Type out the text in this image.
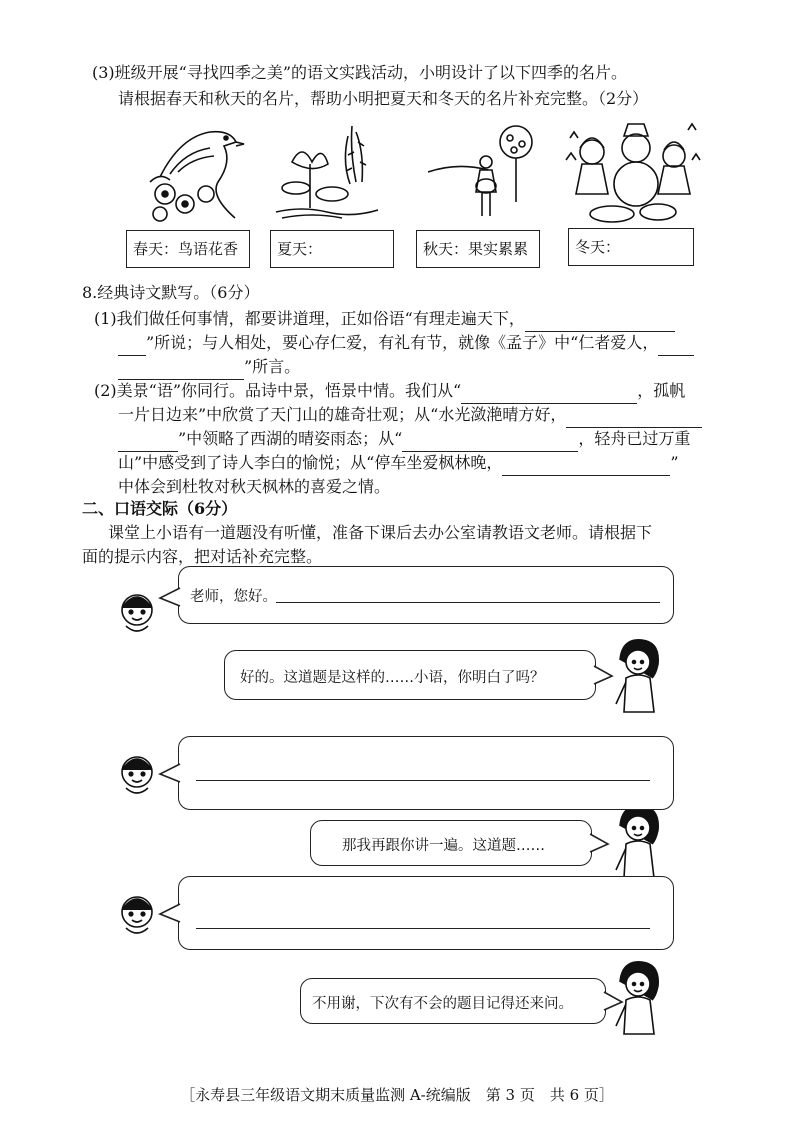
(3)班级开展“寻找四季之美”的语文实践活动，小明设计了以下四季的名片。
请根据春天和秋天的名片，帮助小明把夏天和冬天的名片补充完整。（2分）
春天：鸟语花香	夏天：	秋天：果实累累	冬天：
8.经典诗文默写。（6分）
(1)我们做任何事情，都要讲道理，正如俗语“有理走遍天下，
”所说；与人相处，要心存仁爱，有礼有节，就像《孟子》中“仁者爱人，
”所言。
(2)美景“语”你同行。品诗中景，悟景中情。我们从“	，孤帆
一片日边来”中欣赏了天门山的雄奇壮观；从“水光潋滟晴方好，
”中领略了西湖的晴姿雨态；从“	，轻舟已过万重
山”中感受到了诗人李白的愉悦；从“停车坐爱枫林晚，	”
中体会到杜牧对秋天枫林的喜爱之情。
二、口语交际（6分）
课堂上小语有一道题没有听懂，准备下课后去办公室请教语文老师。请根据下
面的提示内容，把对话补充完整。
老师，您好。
好的。这道题是这样的……小语，你明白了吗？
那我再跟你讲一遍。这道题……
不用谢，下次有不会的题目记得还来问。
［永寿县三年级语文期末质量监测 A-统编版　第 3 页　共 6 页］
